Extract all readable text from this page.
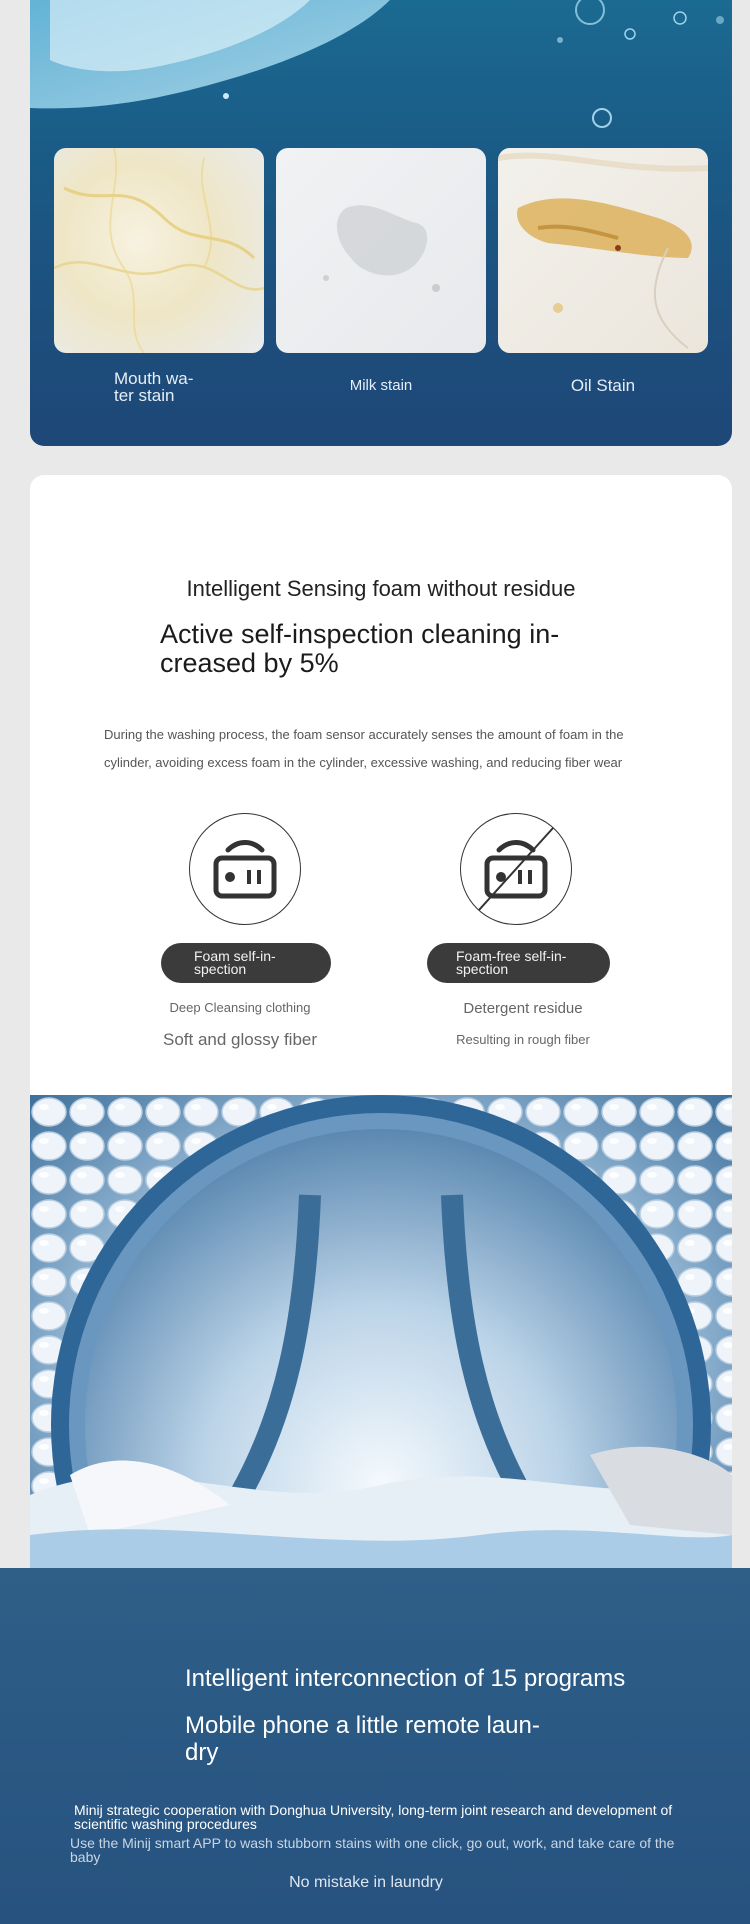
Mouth wa-
ter stain
Milk stain	Oil Stain
Intelligent Sensing foam without residue
Active self-inspection cleaning in-
creased by 5%
During the washing process, the foam sensor accurately senses the amount of foam in the cylinder, avoiding excess foam in the cylinder, excessive washing, and reducing fiber wear
Foam self-in-
spection
Foam-free self-in-
spection
Deep Cleansing clothing
Soft and glossy fiber
Detergent residue
Resulting in rough fiber
Intelligent interconnection of 15 programs
Mobile phone a little remote laun-
dry
Minij strategic cooperation with Donghua University, long-term joint research and development of scientific washing procedures
Use the Minij smart APP to wash stubborn stains with one click, go out, work, and take care of the baby
No mistake in laundry
